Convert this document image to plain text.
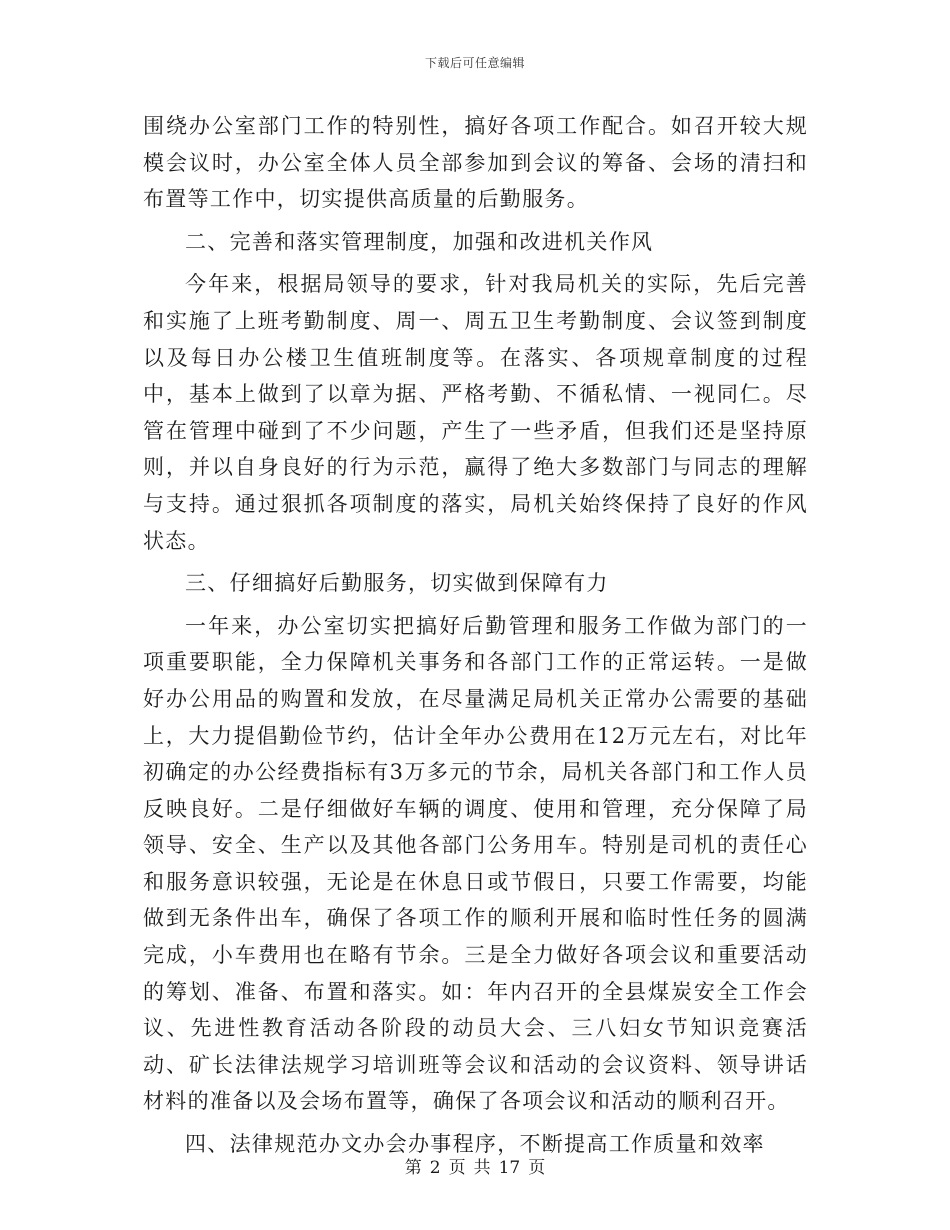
下载后可任意编辑

围绕办公室部门工作的特别性，搞好各项工作配合。如召开较大规模会议时，办公室全体人员全部参加到会议的筹备、会场的清扫和布置等工作中，切实提供高质量的后勤服务。

二、完善和落实管理制度，加强和改进机关作风

今年来，根据局领导的要求，针对我局机关的实际，先后完善和实施了上班考勤制度、周一、周五卫生考勤制度、会议签到制度以及每日办公楼卫生值班制度等。在落实、各项规章制度的过程中，基本上做到了以章为据、严格考勤、不循私情、一视同仁。尽管在管理中碰到了不少问题，产生了一些矛盾，但我们还是坚持原则，并以自身良好的行为示范，赢得了绝大多数部门与同志的理解与支持。通过狠抓各项制度的落实，局机关始终保持了良好的作风状态。

三、仔细搞好后勤服务，切实做到保障有力

一年来，办公室切实把搞好后勤管理和服务工作做为部门的一项重要职能，全力保障机关事务和各部门工作的正常运转。一是做好办公用品的购置和发放，在尽量满足局机关正常办公需要的基础上，大力提倡勤俭节约，估计全年办公费用在12万元左右，对比年初确定的办公经费指标有3万多元的节余，局机关各部门和工作人员反映良好。二是仔细做好车辆的调度、使用和管理，充分保障了局领导、安全、生产以及其他各部门公务用车。特别是司机的责任心和服务意识较强，无论是在休息日或节假日，只要工作需要，均能做到无条件出车，确保了各项工作的顺利开展和临时性任务的圆满完成，小车费用也在略有节余。三是全力做好各项会议和重要活动的筹划、准备、布置和落实。如：年内召开的全县煤炭安全工作会议、先进性教育活动各阶段的动员大会、三八妇女节知识竞赛活动、矿长法律法规学习培训班等会议和活动的会议资料、领导讲话材料的准备以及会场布置等，确保了各项会议和活动的顺利召开。

四、法律规范办文办会办事程序，不断提高工作质量和效率

第 2 页 共 17 页
